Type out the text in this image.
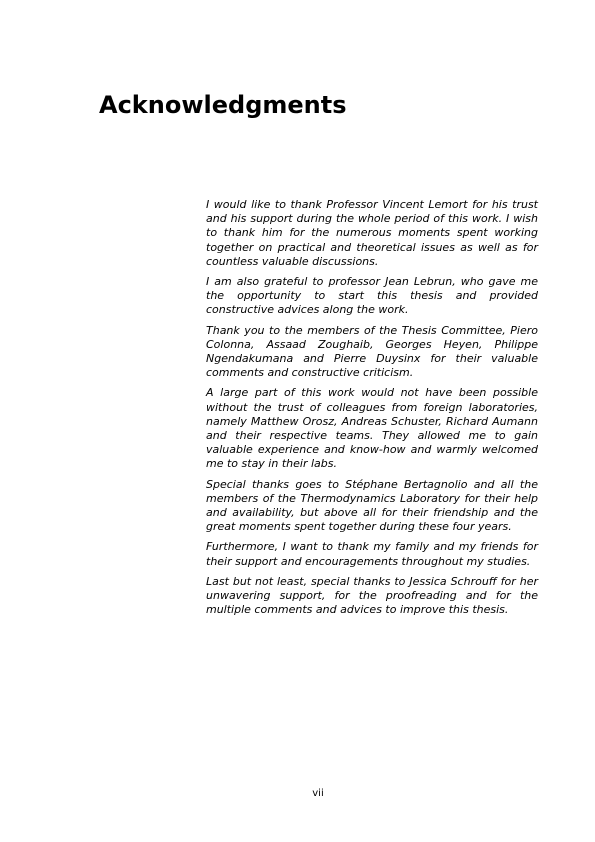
Acknowledgments

I would like to thank Professor Vincent Lemort for his trust and his support during the whole period of this work. I wish to thank him for the numerous moments spent working together on practical and theoretical issues as well as for countless valuable discussions.

I am also grateful to professor Jean Lebrun, who gave me the opportunity to start this thesis and provided constructive advices along the work.

Thank you to the members of the Thesis Committee, Piero Colonna, Assaad Zoughaib, Georges Heyen, Philippe Ngendakumana and Pierre Duysinx for their valuable comments and constructive criticism.

A large part of this work would not have been possible without the trust of colleagues from foreign laboratories, namely Matthew Orosz, Andreas Schuster, Richard Aumann and their respective teams. They allowed me to gain valuable experience and know-how and warmly welcomed me to stay in their labs.

Special thanks goes to Stéphane Bertagnolio and all the members of the Thermodynamics Laboratory for their help and availability, but above all for their friendship and the great moments spent together during these four years.

Furthermore, I want to thank my family and my friends for their support and encouragements throughout my studies.

Last but not least, special thanks to Jessica Schrouff for her unwavering support, for the proofreading and for the multiple comments and advices to improve this thesis.

vii
